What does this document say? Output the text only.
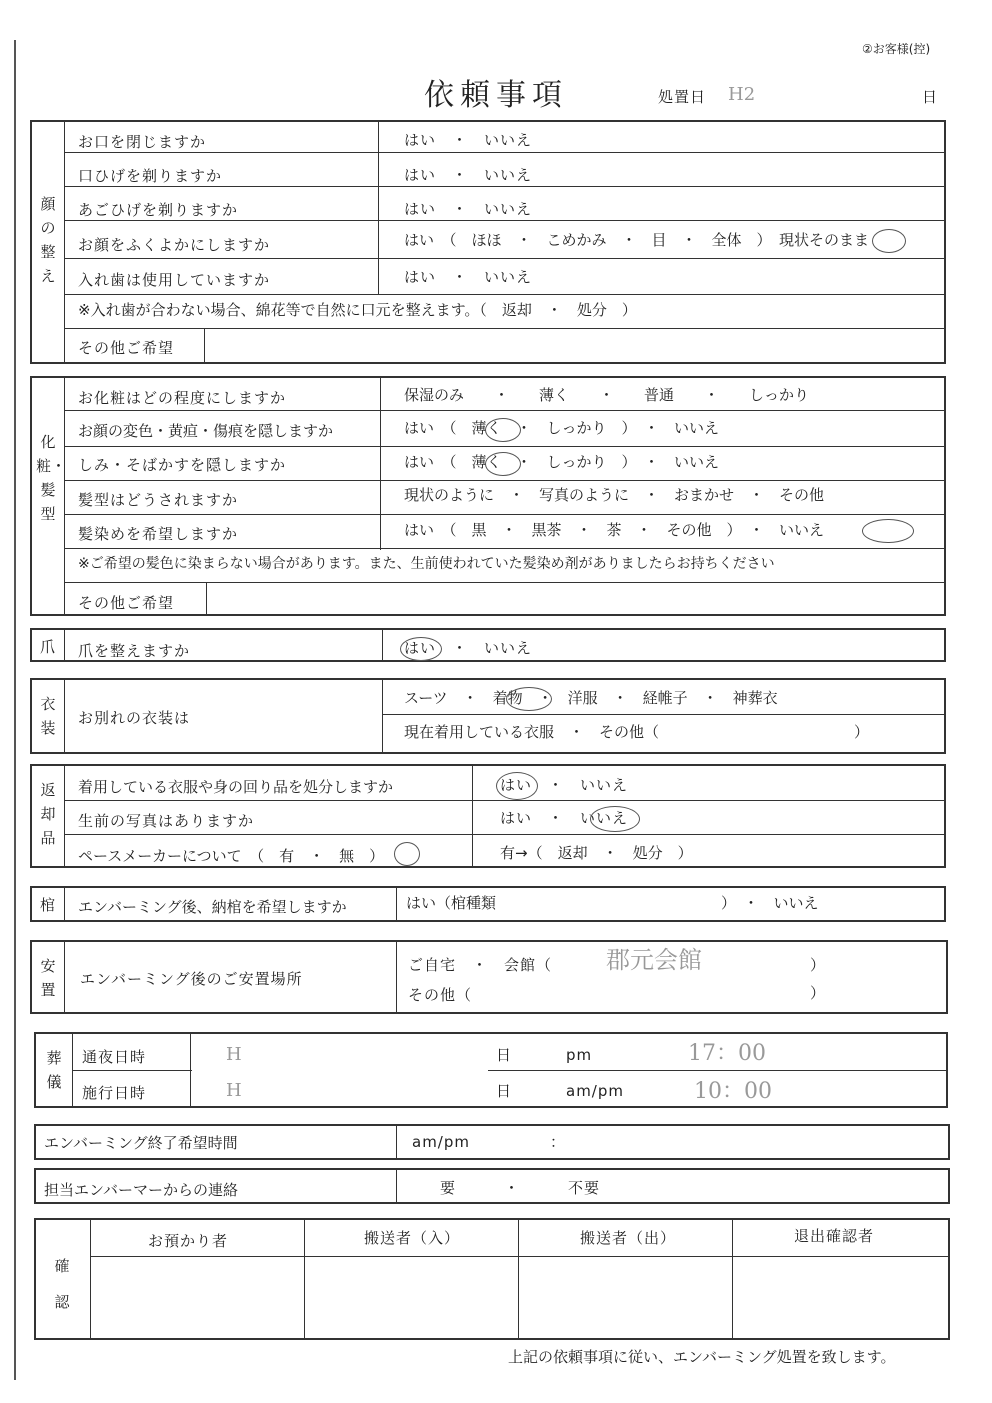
②お客様(控)
依頼事項	処置日 H2	日
顔の整え
お口を閉じますか	はい　・　いいえ
口ひげを剃りますか	はい　・　いいえ
あごひげを剃りますか	はい　・　いいえ
お顔をふくよかにしますか	はい　（　ほほ　・　こめかみ　・　目　・　全体　）　現状そのまま
入れ歯は使用していますか	はい　・　いいえ
※入れ歯が合わない場合、綿花等で自然に口元を整えます。（　返却　・　処分　）
その他ご希望
化粧・髪型
お化粧はどの程度にしますか	保湿のみ　　・　　薄く　　・　　普通　　・　　しっかり
お顔の変色・黄疸・傷痕を隠しますか	はい　（　薄く　・　しっかり　）　・　いいえ
しみ・そばかすを隠しますか	はい　（　薄く　・　しっかり　）　・　いいえ
髪型はどうされますか	現状のように　・　写真のように　・　おまかせ　・　その他
髪染めを希望しますか	はい　（　黒　・　黒茶　・　茶　・　その他　）　・　いいえ
※ご希望の髪色に染まらない場合があります。また、生前使われていた髪染め剤がありましたらお持ちください
その他ご希望
爪 爪を整えますか	はい　・　いいえ
衣装
お別れの衣装は
スーツ　・　着物　・　洋服　・　経帷子　・　神葬衣
現在着用している衣服　・　その他（　　　　　　　　　　　　　）
返却品
着用している衣服や身の回り品を処分しますか	はい　・　いいえ
生前の写真はありますか	はい　・　いいえ
ペースメーカーについて　（　有　・　無　）	有→（　返却　・　処分　）
棺 エンバーミング後、納棺を希望しますか	はい（棺種類　　　　　　　　　　　　　　　）　・　いいえ
安置
エンバーミング後のご安置場所
ご自宅　・　会館（ 郡元会館	）
その他（	）
葬儀
通夜日時	H	日	pm	17：00
施行日時	H	日	am/pm	10：00
エンバーミング終了希望時間	am/pm　　　　　：
担当エンバーマーからの連絡	要　　　・　　　不要
確認
お預かり者	搬送者（入）	搬送者（出）	退出確認者
上記の依頼事項に従い、エンバーミング処置を致します。
